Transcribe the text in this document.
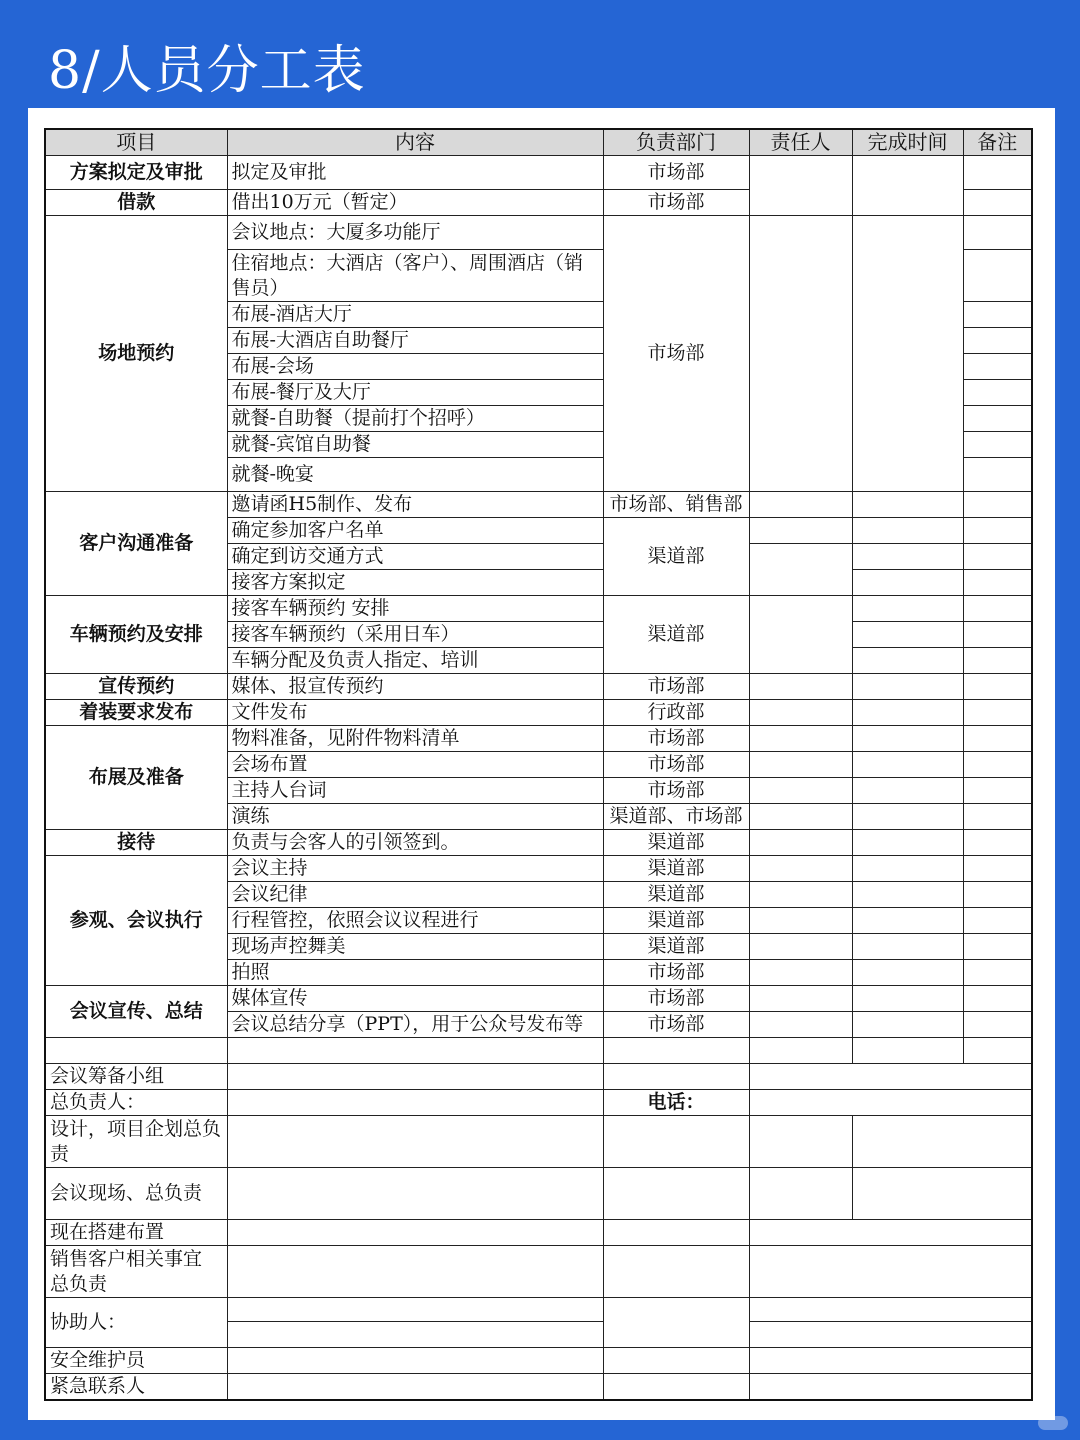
8/人员分工表
项目	内容	负责部门	责任人	完成时间	备注
方案拟定及审批	拟定及审批	市场部			
借款	借出10万元（暂定）	市场部			
场地预约	会议地点：大厦多功能厅	市场部			
	住宿地点：大酒店（客户）、周围酒店（销售员）				
	布展-酒店大厅				
	布展-大酒店自助餐厅				
	布展-会场				
	布展-餐厅及大厅				
	就餐-自助餐（提前打个招呼）				
	就餐-宾馆自助餐				
	就餐-晚宴				
客户沟通准备	邀请函H5制作、发布	市场部、销售部			
	确定参加客户名单	渠道部			
	确定到访交通方式				
	接客方案拟定				
车辆预约及安排	接客车辆预约 安排	渠道部			
	接客车辆预约（采用日车）				
	车辆分配及负责人指定、培训				
宣传预约	媒体、报宣传预约	市场部			
着装要求发布	文件发布	行政部			
布展及准备	物料准备，见附件物料清单	市场部			
	会场布置	市场部			
	主持人台词	市场部			
	演练	渠道部、市场部			
接待	负责与会客人的引领签到。	渠道部			
参观、会议执行	会议主持	渠道部			
	会议纪律	渠道部			
	行程管控，依照会议议程进行	渠道部			
	现场声控舞美	渠道部			
	拍照	市场部			
会议宣传、总结	媒体宣传	市场部			
	会议总结分享（PPT），用于公众号发布等	市场部			

会议筹备小组					
总负责人：		电话：			
设计，项目企划总负责					
会议现场、总负责					
现在搭建布置					
销售客户相关事宜 总负责					
协助人：					

安全维护员					
紧急联系人					
